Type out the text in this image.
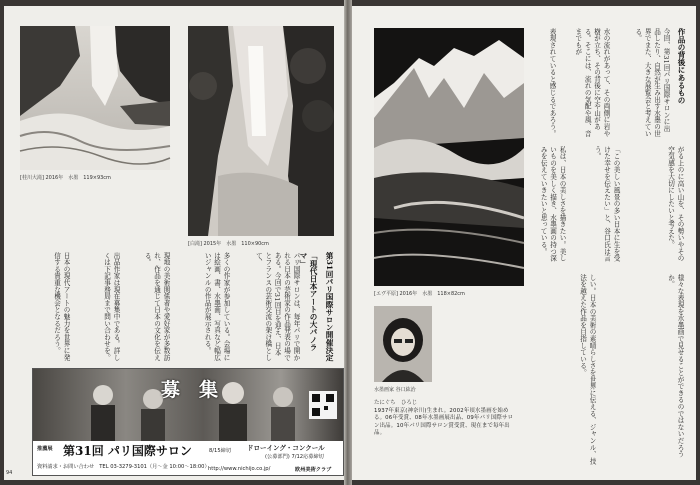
[桂川大滝] 2016年　水墨　119×93cm
[白滝] 2015年　水墨　110×90cm
第31回パリ国際サロン開催決定
「現代日本アートの大パノラマ」
パリ国際サロンは、毎年パリで開かれる日本の芸術家の作品発表の場である。今回で31回目を迎え、日本とフランスの芸術交流の架け橋として、
多くの作家が参加している。会場には絵画、書、水墨画、写真など幅広いジャンルの作品が展示される。
現地の美術関係者や愛好家が多数訪れ、作品を通じて日本の文化を伝える。
出品作家は現在募集中である。詳しくは下記事務局まで問い合わせを。
日本の現代アートの魅力を世界に発信する貴重な機会となるだろう。
募　集
推薦展 第31回 パリ国際サロン	8/15締切 ドローイング・コンクール
(公募部門) 7/12応募締切
資料請求・お問い合わせ　TEL 03-3279-3101（月〜金 10:00〜18:00）
http://www.nichijo.co.jp/	欧州美術クラブ
94
[エヴ平原] 2016年　水墨　118×82cm
水墨画家 谷口紘治
たにぐち　ひろじ
1937年東京(神奈川)生まれ。2002年頃水墨画を始める。06年受賞、08年水墨画展出品、09年パリ国際サロン出品。10年パリ国際サロン賞受賞、現在まで毎年出品。
作品の背後にあるもの
今回、第31回パリ国際サロンに出品したり、自然が生み出す水墨の世界でまた、大きな展覧会と考えている。
水の流れがあって、その両側に岩や樹が立ち、その背後に空や山がある。そこには、流れの気配や風、音までもが
表現されていると感じるであろう。
がる上のに高い山を、その勢いやその空気感を大切にしたいと考えた。
「この美しい風景の多い日本に生を受けた幸せを伝えたい」と、谷口氏は言う。
私は、日本の美しさを描きたい。美しいものを美しく描き、水墨画の持つ深みを伝えていきたいと思っている。
様々な表現を水墨画で見せることができるのではないだろうか。
しい。日本の美術の素晴らしさを世界に伝える、ジャンル、技法を越えた作品を目指している。
